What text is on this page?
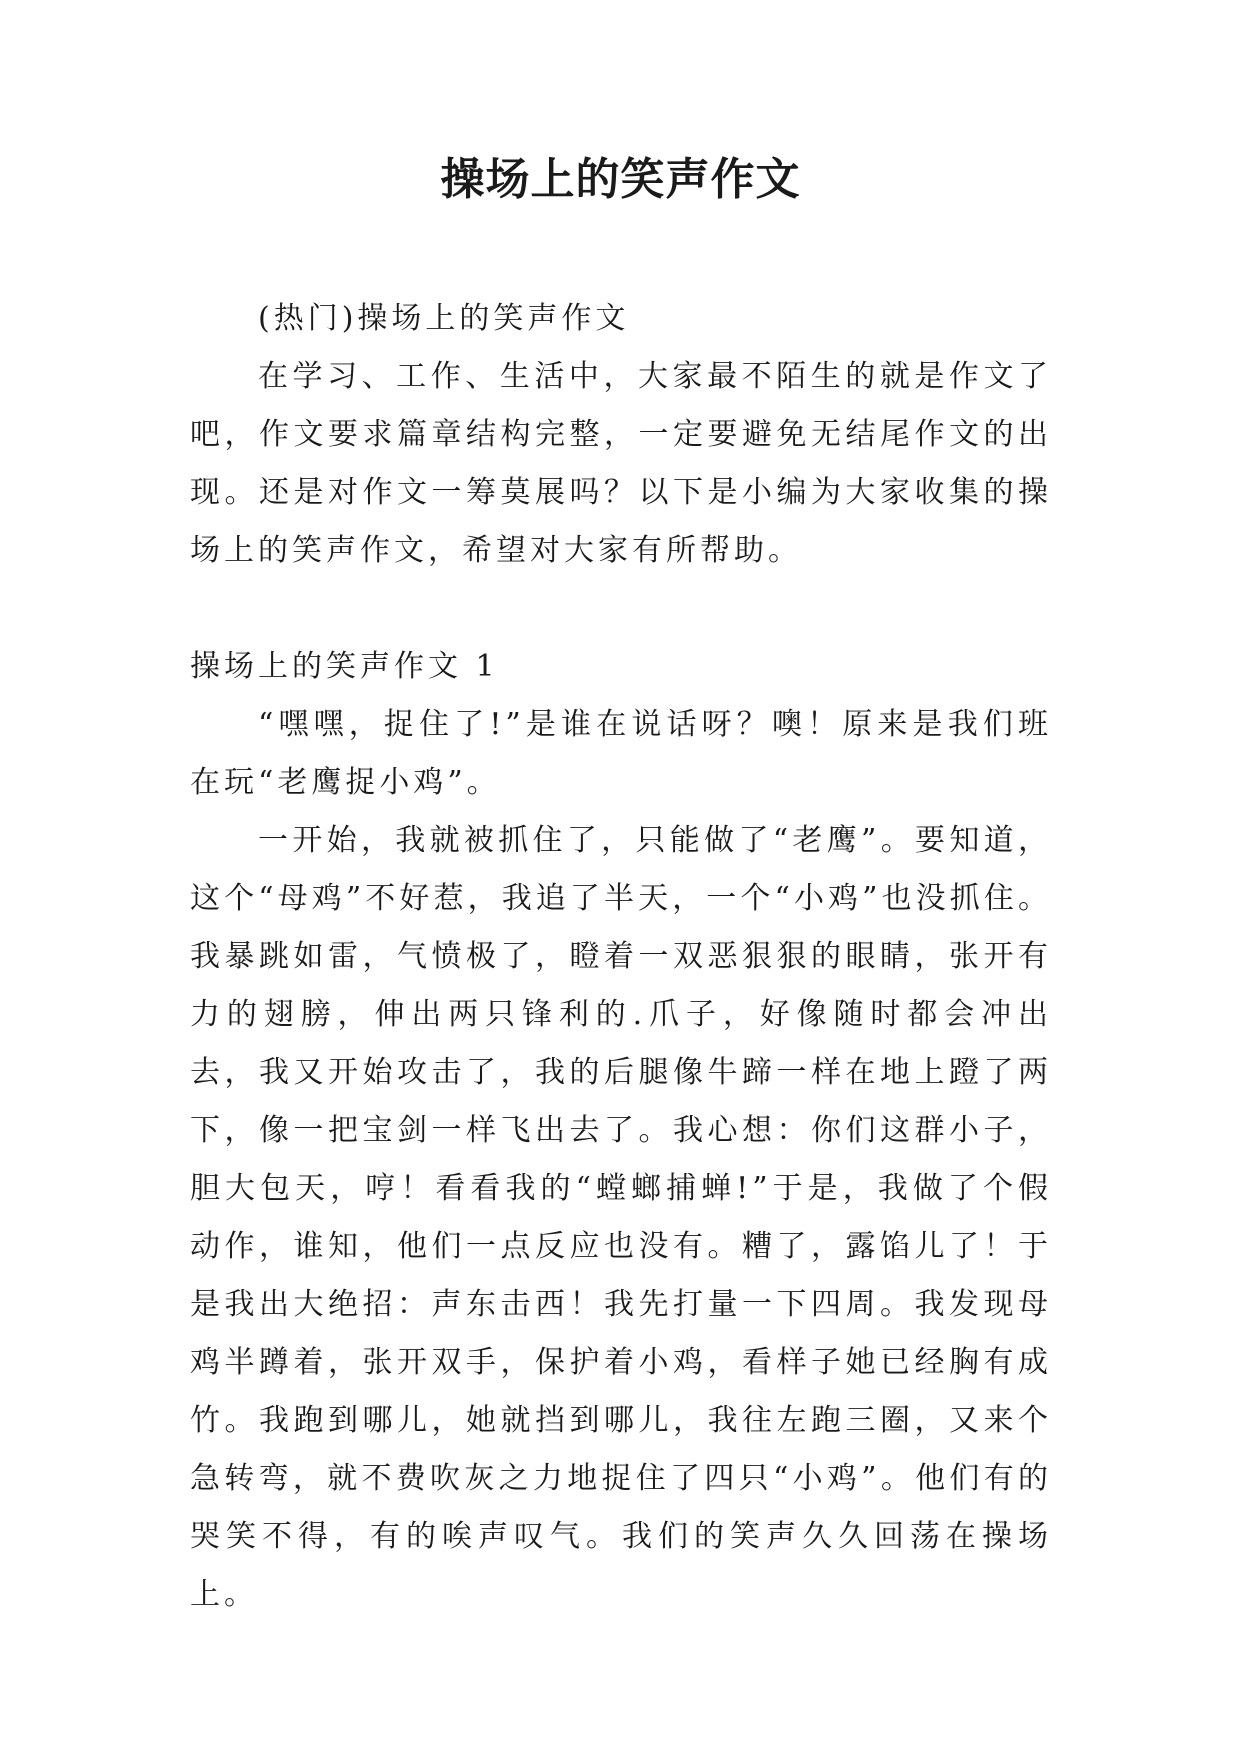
操场上的笑声作文

(热门)操场上的笑声作文

在学习、工作、生活中，大家最不陌生的就是作文了吧，作文要求篇章结构完整，一定要避免无结尾作文的出现。还是对作文一筹莫展吗？以下是小编为大家收集的操场上的笑声作文，希望对大家有所帮助。

操场上的笑声作文 1

“嘿嘿，捉住了!”是谁在说话呀？噢！原来是我们班在玩“老鹰捉小鸡”。

一开始，我就被抓住了，只能做了“老鹰”。要知道，这个“母鸡”不好惹，我追了半天，一个“小鸡”也没抓住。我暴跳如雷，气愤极了，瞪着一双恶狠狠的眼睛，张开有力的翅膀，伸出两只锋利的.爪子，好像随时都会冲出去，我又开始攻击了，我的后腿像牛蹄一样在地上蹬了两下，像一把宝剑一样飞出去了。我心想：你们这群小子，胆大包天，哼！看看我的“螳螂捕蝉!”于是，我做了个假动作，谁知，他们一点反应也没有。糟了，露馅儿了！于是我出大绝招：声东击西！我先打量一下四周。我发现母鸡半蹲着，张开双手，保护着小鸡，看样子她已经胸有成竹。我跑到哪儿，她就挡到哪儿，我往左跑三圈，又来个急转弯，就不费吹灰之力地捉住了四只“小鸡”。他们有的哭笑不得，有的唉声叹气。我们的笑声久久回荡在操场上。
